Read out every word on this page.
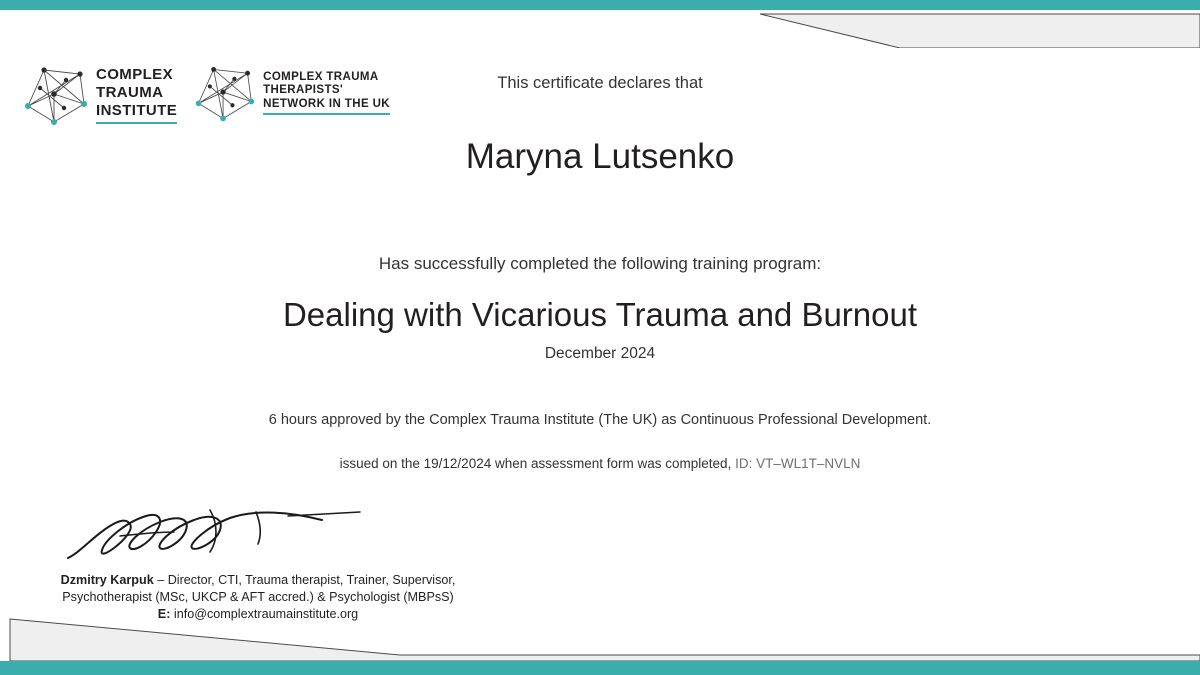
COMPLEX
TRAUMA
INSTITUTE
COMPLEX TRAUMA
THERAPISTS'
NETWORK IN THE UK
This certificate declares that
Maryna Lutsenko
Has successfully completed the following training program:
Dealing with Vicarious Trauma and Burnout
December 2024
6 hours approved by the Complex Trauma Institute (The UK) as Continuous Professional Development.
issued on the 19/12/2024 when assessment form was completed, ID: VT–WL1T–NVLN
Dzmitry Karpuk – Director, CTI, Trauma therapist, Trainer, Supervisor,
Psychotherapist (MSc, UKCP & AFT accred.) & Psychologist (MBPsS)
E: info@complextraumainstitute.org
